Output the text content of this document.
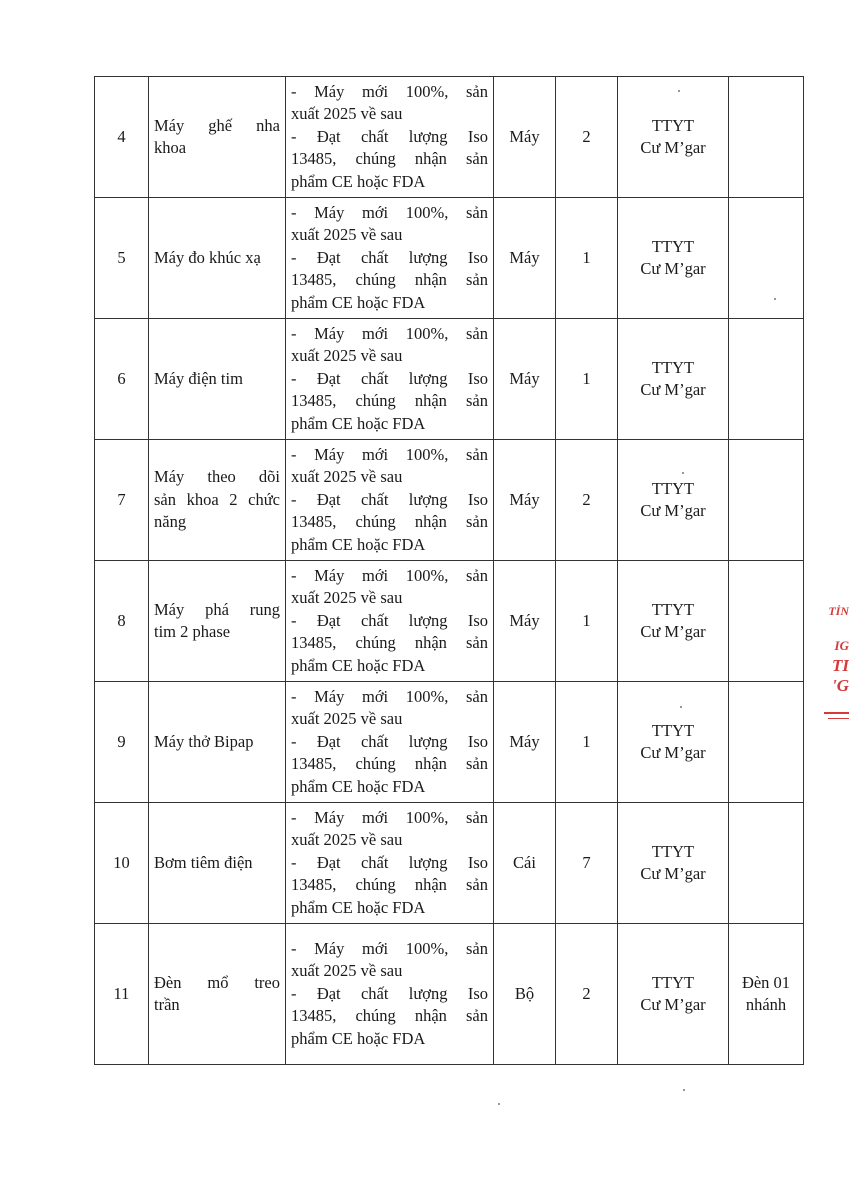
4	Máy ghế nha
khoa	- Máy mới 100%, sản
xuất 2025 về sau
- Đạt chất lượng Iso
13485, chúng nhận sản
phẩm CE hoặc FDA	Máy	2	TTYT
Cư M’gar	

5	Máy đo khúc xạ	- Máy mới 100%, sản
xuất 2025 về sau
- Đạt chất lượng Iso
13485, chúng nhận sản
phẩm CE hoặc FDA	Máy	1	TTYT
Cư M’gar	

6	Máy điện tim	- Máy mới 100%, sản
xuất 2025 về sau
- Đạt chất lượng Iso
13485, chúng nhận sản
phẩm CE hoặc FDA	Máy	1	TTYT
Cư M’gar	

7	Máy theo dõi
sản khoa 2 chức
năng	- Máy mới 100%, sản
xuất 2025 về sau
- Đạt chất lượng Iso
13485, chúng nhận sản
phẩm CE hoặc FDA	Máy	2	TTYT
Cư M’gar	

8	Máy phá rung
tim 2 phase	- Máy mới 100%, sản
xuất 2025 về sau
- Đạt chất lượng Iso
13485, chúng nhận sản
phẩm CE hoặc FDA	Máy	1	TTYT
Cư M’gar	

9	Máy thở Bipap	- Máy mới 100%, sản
xuất 2025 về sau
- Đạt chất lượng Iso
13485, chúng nhận sản
phẩm CE hoặc FDA	Máy	1	TTYT
Cư M’gar	

10	Bơm tiêm điện	- Máy mới 100%, sản
xuất 2025 về sau
- Đạt chất lượng Iso
13485, chúng nhận sản
phẩm CE hoặc FDA	Cái	7	TTYT
Cư M’gar	

11	Đèn mổ treo
trần	- Máy mới 100%, sản
xuất 2025 về sau
- Đạt chất lượng Iso
13485, chúng nhận sản
phẩm CE hoặc FDA	Bộ	2	TTYT
Cư M’gar	Đèn 01
nhánh
TỈN
IG
TI
'G
